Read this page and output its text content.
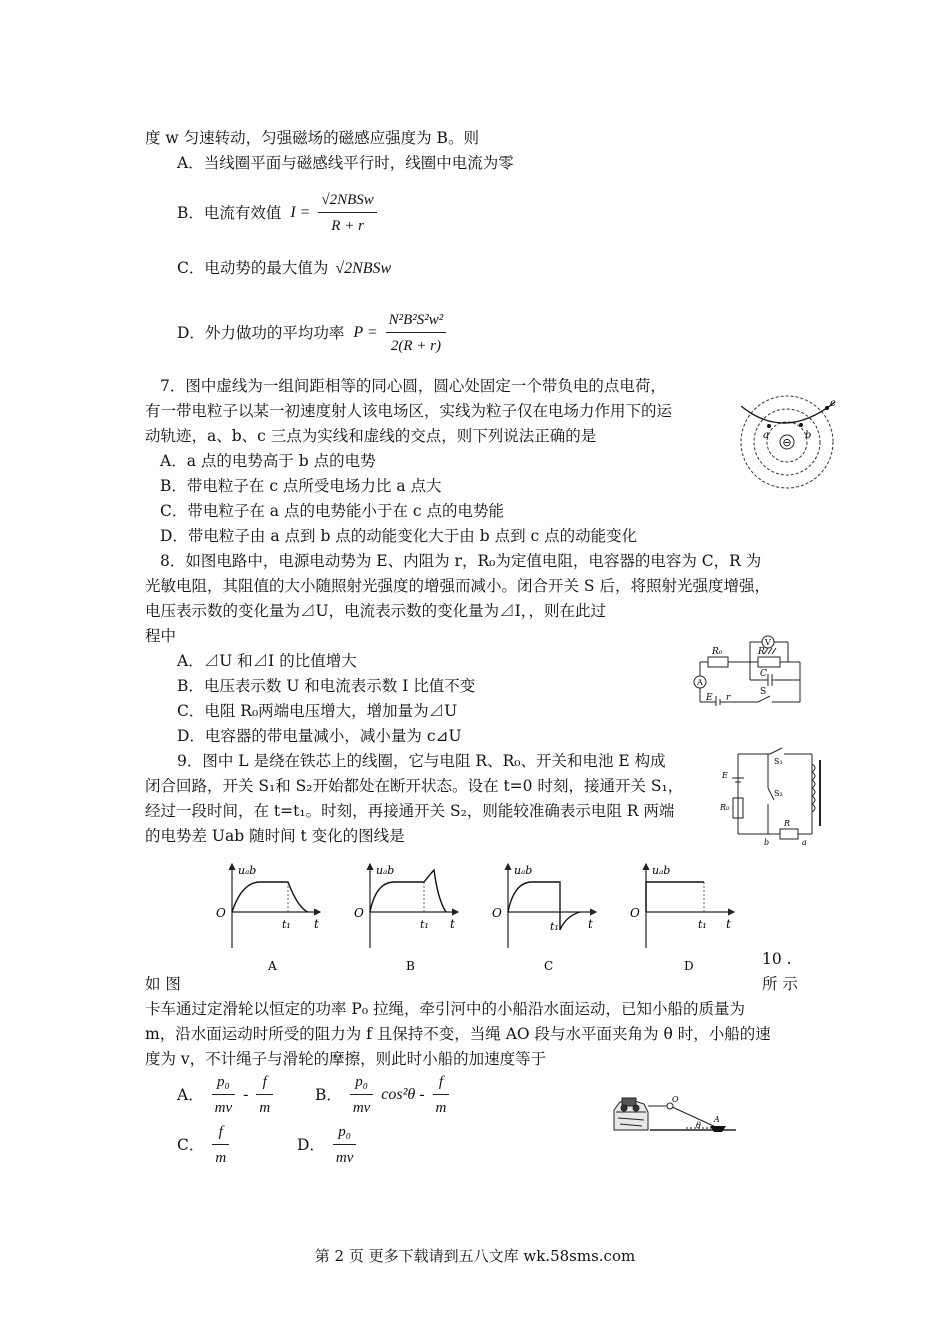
度 w 匀速转动，匀强磁场的磁感应强度为 B。则
A．当线圈平面与磁感线平行时，线圈中电流为零
B．电流有效值 $I = \frac{\text{√2NBSw}}{R + r}$
C．电动势的最大值为 √2NBSw
D．外力做功的平均功率 $P = \frac{\text{N²B²S²w²}}{2(R + r)}$
7．图中虚线为一组间距相等的同心圆，圆心处固定一个带负电的点电荷，
有一带电粒子以某一初速度射人该电场区，实线为粒子仅在电场力作用下的运
动轨迹，a、b、c 三点为实线和虚线的交点，则下列说法正确的是
A．a 点的电势高于 b 点的电势
B．带电粒子在 c 点所受电场力比 a 点大
C．带电粒子在 a 点的电势能小于在 c 点的电势能
D．带电粒子由 a 点到 b 点的动能变化大于由 b 点到 c 点的动能变化
⊖
a	b
c
8．如图电路中，电源电动势为 E、内阻为 r，R₀为定值电阻，电容器的电容为 C，R 为
光敏电阻，其阻值的大小随照射光强度的增强而减小。闭合开关 S 后，将照射光强度增强，
电压表示数的变化量为⊿U，电流表示数的变化量为⊿I，，则在此过
程中
A．⊿U 和⊿I 的比值增大
B．电压表示数 U 和电流表示数 I 比值不变
C．电阻 R₀两端电压增大，增加量为⊿U
D．电容器的带电量减小，减小量为 c⊿U
R₀	R
V
A
C
E r
S
9．图中 L 是绕在铁芯上的线圈，它与电阻 R、R₀、开关和电池 E 构成
闭合回路，开关 S₁和 S₂开始都处在断开状态。设在 t=0 时刻，接通开关 S₁，
经过一段时间，在 t=t₁。时刻，再接通开关 S₂，则能较准确表示电阻 R 两端
的电势差 Uab 随时间 t 变化的图线是
S₁
S₂
E
R₀
R
b	a
uₐb
O
t₁ t
A
uₐb
O
t₁ t
B
uₐb
O
t₁ t
C
uₐb
O
t₁ t
D	10 .
如 图	所 示
卡车通过定滑轮以恒定的功率 P₀ 拉绳，牵引河中的小船沿水面运动，已知小船的质量为
m，沿水面运动时所受的阻力为 f 且保持不变，当绳 AO 段与水平面夹角为 θ 时，小船的速
度为 v，不计绳子与滑轮的摩擦，则此时小船的加速度等于
A． $\frac{\text{p₀}}{mv} - \frac{f}{m}$	B． $\frac{\text{p₀}}{mv} \cos^2\theta - \frac{f}{m}$
C． $\frac{f}{m}$	D． $\frac{\text{p₀}}{mv}$
O
A
θ
第 2 页 更多下载请到五八文库 wk.58sms.com
